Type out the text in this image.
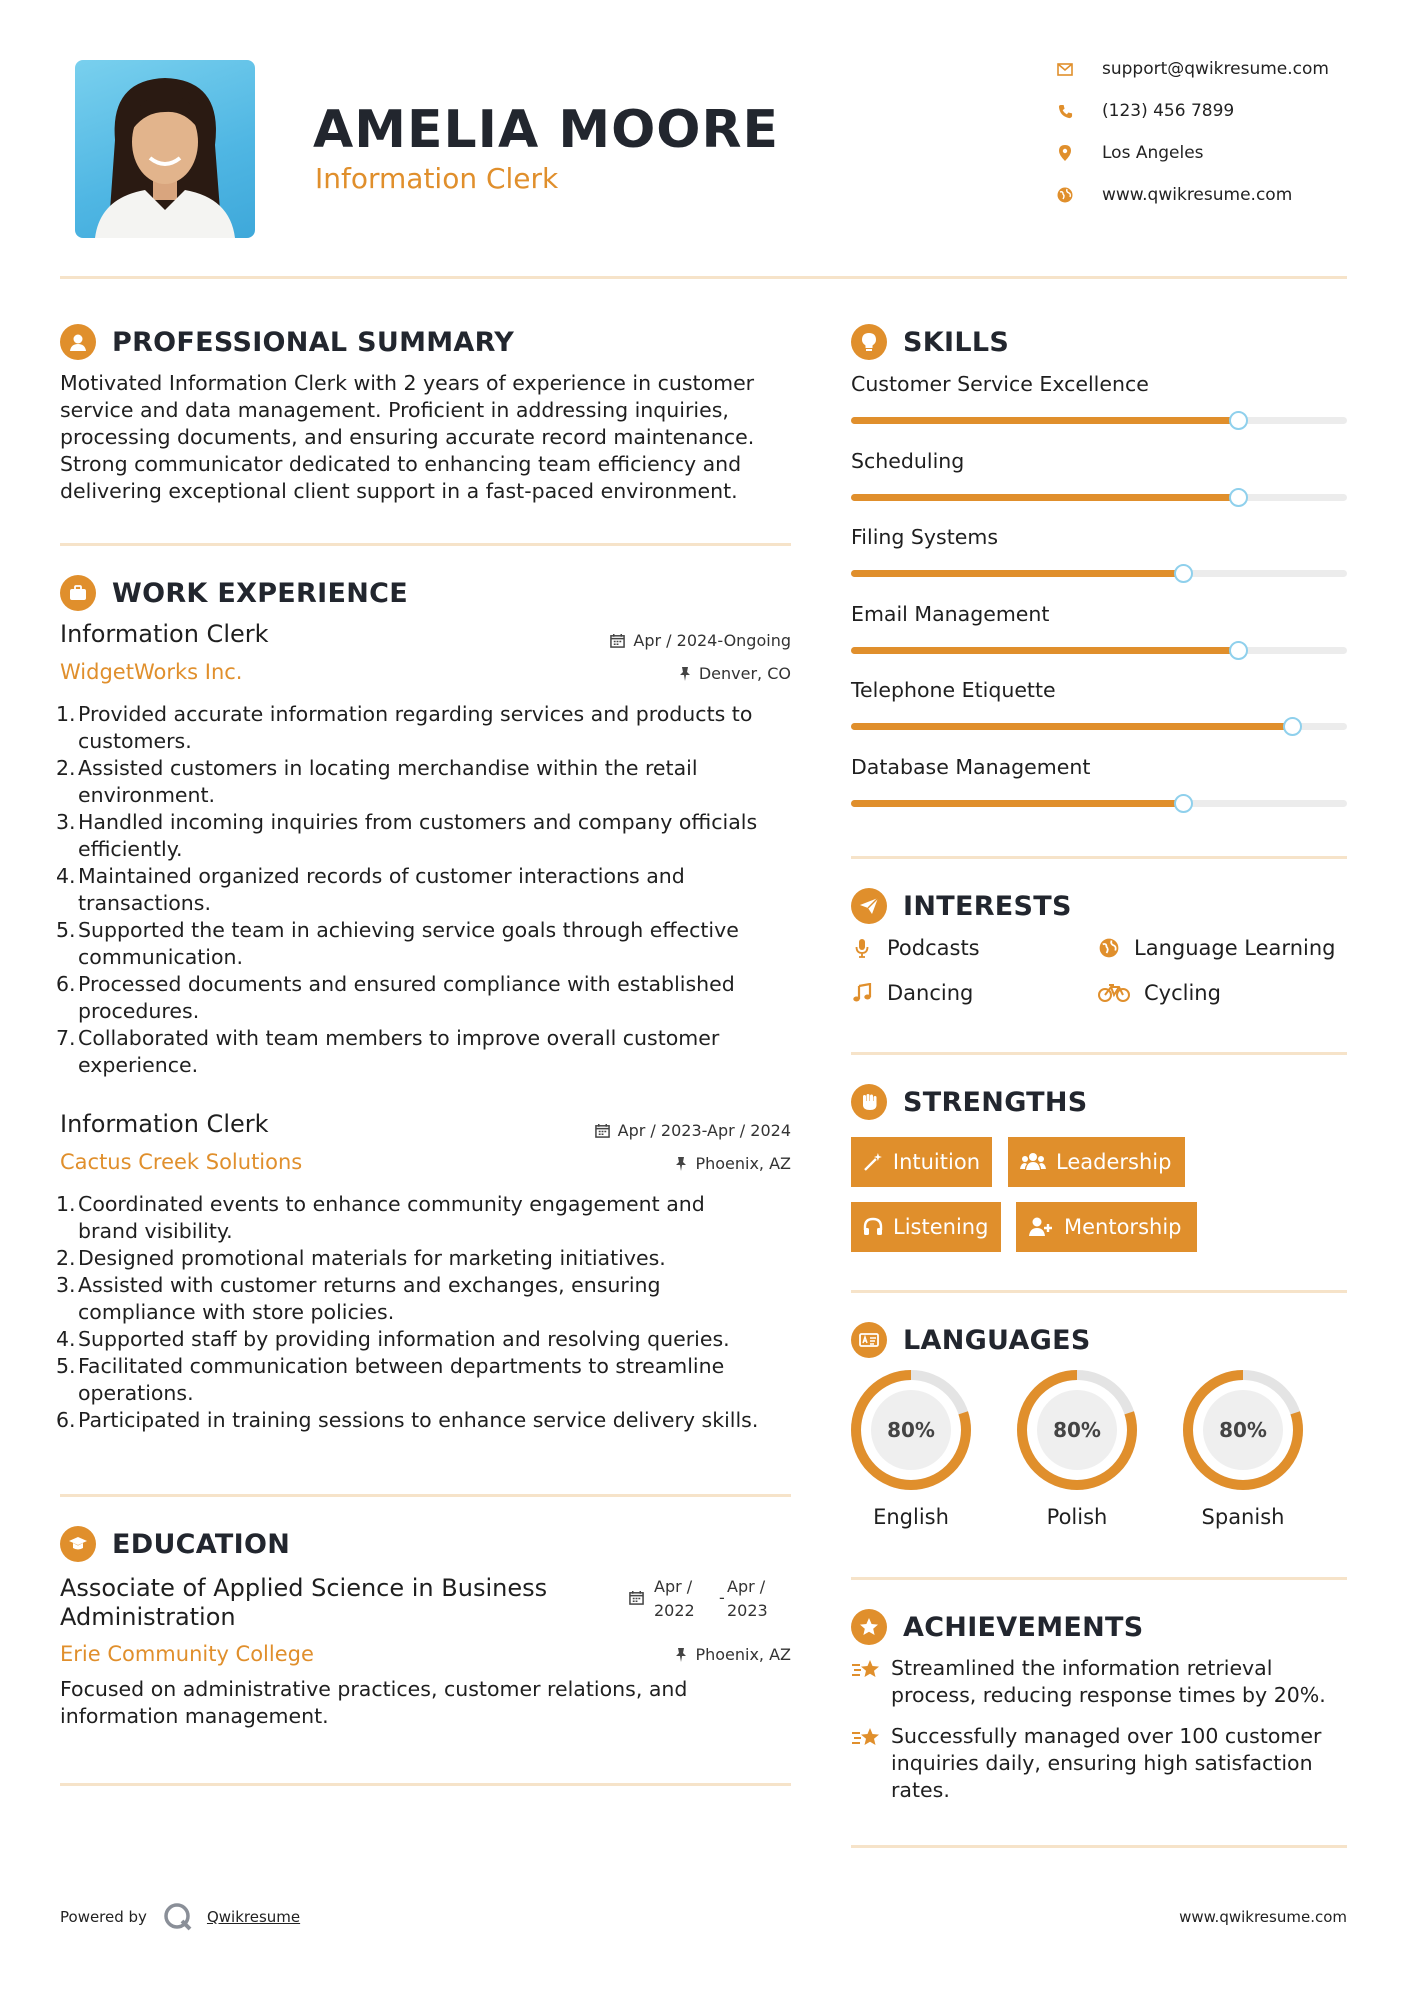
AMELIA MOORE
Information Clerk
support@qwikresume.com
(123) 456 7899
Los Angeles
www.qwikresume.com
PROFESSIONAL SUMMARY
Motivated Information Clerk with 2 years of experience in customer
service and data management. Proficient in addressing inquiries,
processing documents, and ensuring accurate record maintenance.
Strong communicator dedicated to enhancing team efficiency and
delivering exceptional client support in a fast-paced environment.
WORK EXPERIENCE
Information Clerk
WidgetWorks Inc.
Apr / 2024-Ongoing
Denver, CO
1. Provided accurate information regarding services and products to
customers.
2. Assisted customers in locating merchandise within the retail
environment.
3. Handled incoming inquiries from customers and company officials
efficiently.
4. Maintained organized records of customer interactions and
transactions.
5. Supported the team in achieving service goals through effective
communication.
6. Processed documents and ensured compliance with established
procedures.
7. Collaborated with team members to improve overall customer
experience.
Information Clerk
Cactus Creek Solutions
Apr / 2023-Apr / 2024
Phoenix, AZ
1. Coordinated events to enhance community engagement and
brand visibility.
2. Designed promotional materials for marketing initiatives.
3. Assisted with customer returns and exchanges, ensuring
compliance with store policies.
4. Supported staff by providing information and resolving queries.
5. Facilitated communication between departments to streamline
operations.
6. Participated in training sessions to enhance service delivery skills.
EDUCATION
Associate of Applied Science in Business
Administration
Erie Community College
Apr /
2022
-
Apr /
2023
Phoenix, AZ
Focused on administrative practices, customer relations, and
information management.
SKILLS
Customer Service Excellence
Scheduling
Filing Systems
Email Management
Telephone Etiquette
Database Management
INTERESTS
Podcasts	Language Learning
Dancing	Cycling
STRENGTHS
Intuition	Leadership
Listening	Mentorship
LANGUAGES
80%
English
80%
Polish
80%
Spanish
ACHIEVEMENTS
Streamlined the information retrieval
process, reducing response times by 20%.
Successfully managed over 100 customer
inquiries daily, ensuring high satisfaction
rates.
Powered by	Qwikresume	www.qwikresume.com
